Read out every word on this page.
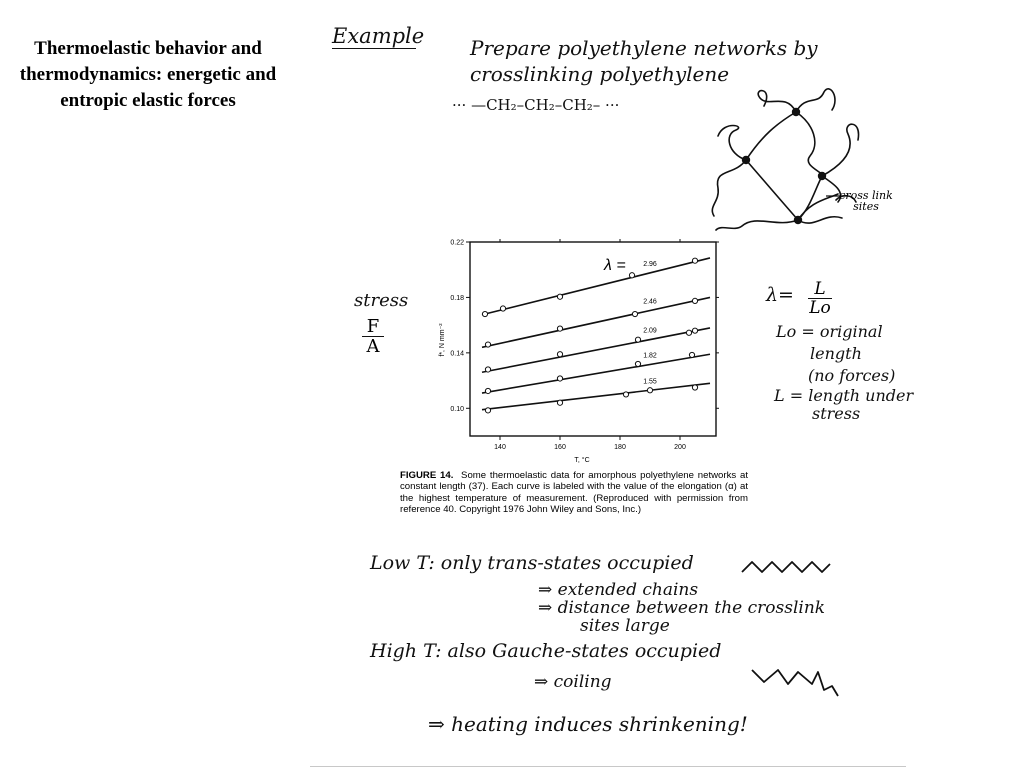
Thermoelastic behavior and thermodynamics: energetic and entropic elastic forces
Example Prepare polyethylene networks by
crosslinking polyethylene
··· —CH₂–CH₂–CH₂– ···
cross link sites
stress
$\frac{F}{A}$
140	160	180	200
0.10
0.14
0.18
0.22
2.96
2.46
2.09
1.82
1.55
f*, N mm⁻²
T, °C
λ =
FIGURE 14. Some thermoelastic data for amorphous polyethylene networks at constant length (37). Each curve is labeled with the value of the elongation (α) at the highest temperature of measurement. (Reproduced with permission from reference 40. Copyright 1976 John Wiley and Sons, Inc.)
$\lambda= \frac{L}{Lo}$
Lo = original
length
(no forces)
L = length under
stress
Low T: only trans-states occupied
⇒ extended chains
⇒ distance between the crosslink
sites large
High T: also Gauche-states occupied
⇒ coiling
⇒ heating induces shrinkening!
